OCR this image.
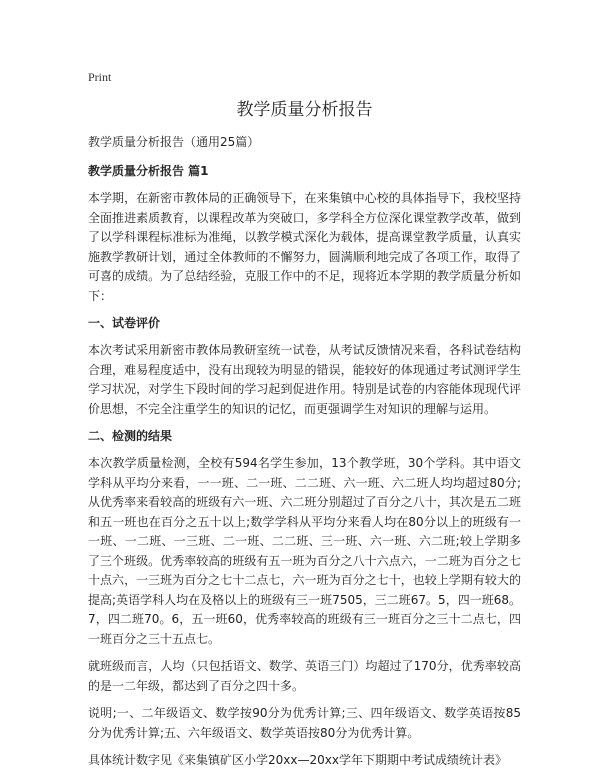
Print
教学质量分析报告
教学质量分析报告（通用25篇）
教学质量分析报告 篇1

本学期，在新密市教体局的正确领导下，在来集镇中心校的具体指导下，我校坚持全面推进素质教育，以课程改革为突破口，多学科全方位深化课堂教学改革，做到了以学科课程标准标为准绳，以教学模式深化为载体，提高课堂教学质量，认真实施教学教研计划，通过全体教师的不懈努力，圆满顺利地完成了各项工作，取得了可喜的成绩。为了总结经验，克服工作中的不足，现将近本学期的教学质量分析如下：

一、试卷评价

本次考试采用新密市教体局教研室统一试卷，从考试反馈情况来看，各科试卷结构合理，难易程度适中，没有出现较为明显的错误，能较好的体现通过考试测评学生学习状况，对学生下段时间的学习起到促进作用。特别是试卷的内容能体现现代评价思想，不完全注重学生的知识的记忆，而更强调学生对知识的理解与运用。

二、检测的结果

本次教学质量检测，全校有594名学生参加，13个教学班，30个学科。其中语文学科从平均分来看，一一班、二一班、二二班、六一班、六二班人均均超过80分;从优秀率来看较高的班级有六一班、六二班分别超过了百分之八十，其次是五二班和五一班也在百分之五十以上;数学学科从平均分来看人均在80分以上的班级有一一班、一二班、一三班、二一班、二二班、三一班、六一班、六二班;较上学期多了三个班级。优秀率较高的班级有五一班为百分之八十六点六，一二班为百分之七十点六，一三班为百分之七十二点七，六一班为百分之七十，也较上学期有较大的提高;英语学科人均在及格以上的班级有三一班7505，三二班67。5，四一班68。7，四二班70。6，五一班60，优秀率较高的班级有三一班百分之三十二点七，四一班百分之三十五点七。

就班级而言，人均（只包括语文、数学、英语三门）均超过了170分，优秀率较高的是一二年级，都达到了百分之四十多。

说明;一、二年级语文、数学按90分为优秀计算;三、四年级语文、数学英语按85分为优秀计算;五、六年级语文、数学英语按80分为优秀计算。

具体统计数字见《来集镇矿区小学20xx—20xx学年下期期中考试成绩统计表》
